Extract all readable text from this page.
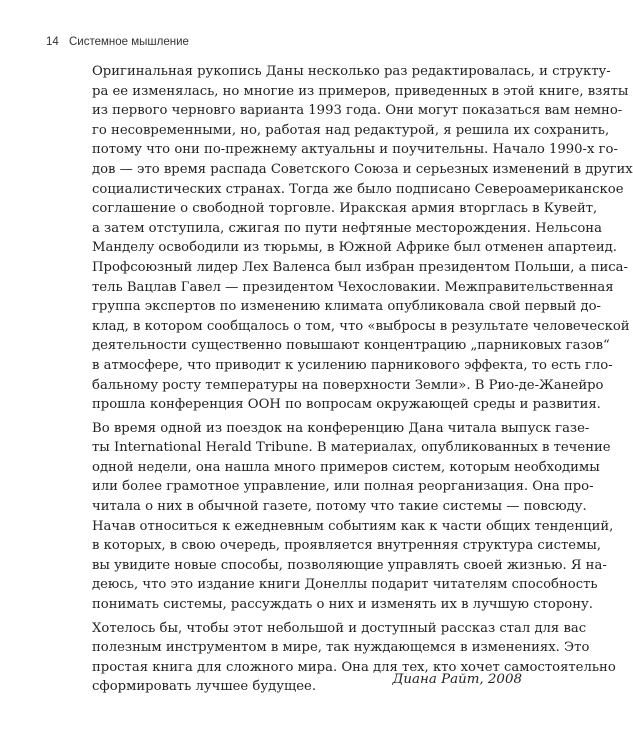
14 Системное мышление

Оригинальная рукопись Даны несколько раз редактировалась, и структу-
ра ее изменялась, но многие из примеров, приведенных в этой книге, взяты
из первого черновго варианта 1993 года. Они могут показаться вам немно-
го несовременными, но, работая над редактурой, я решила их сохранить,
потому что они по-прежнему актуальны и поучительны. Начало 1990-х го-
дов — это время распада Советского Союза и серьезных изменений в других
социалистических странах. Тогда же было подписано Североамериканское
соглашение о свободной торговле. Иракская армия вторглась в Кувейт,
а затем отступила, сжигая по пути нефтяные месторождения. Нельсона
Манделу освободили из тюрьмы, в Южной Африке был отменен апартеид.
Профсоюзный лидер Лех Валенса был избран президентом Польши, а писа-
тель Вацлав Гавел — президентом Чехословакии. Межправительственная
группа экспертов по изменению климата опубликовала свой первый до-
клад, в котором сообщалось о том, что «выбросы в результате человеческой
деятельности существенно повышают концентрацию „парниковых газов“
в атмосфере, что приводит к усилению парникового эффекта, то есть гло-
бальному росту температуры на поверхности Земли». В Рио-де-Жанейро
прошла конференция ООН по вопросам окружающей среды и развития.

Во время одной из поездок на конференцию Дана читала выпуск газе-
ты International Herald Tribune. В материалах, опубликованных в течение
одной недели, она нашла много примеров систем, которым необходимы
или более грамотное управление, или полная реорганизация. Она про-
читала о них в обычной газете, потому что такие системы — повсюду.
Начав относиться к ежедневным событиям как к части общих тенденций,
в которых, в свою очередь, проявляется внутренняя структура системы,
вы увидите новые способы, позволяющие управлять своей жизнью. Я на-
деюсь, что это издание книги Донеллы подарит читателям способность
понимать системы, рассуждать о них и изменять их в лучшую сторону.

Хотелось бы, чтобы этот небольшой и доступный рассказ стал для вас
полезным инструментом в мире, так нуждающемся в изменениях. Это
простая книга для сложного мира. Она для тех, кто хочет самостоятельно
сформировать лучшее будущее.	Диана Райт, 2008
